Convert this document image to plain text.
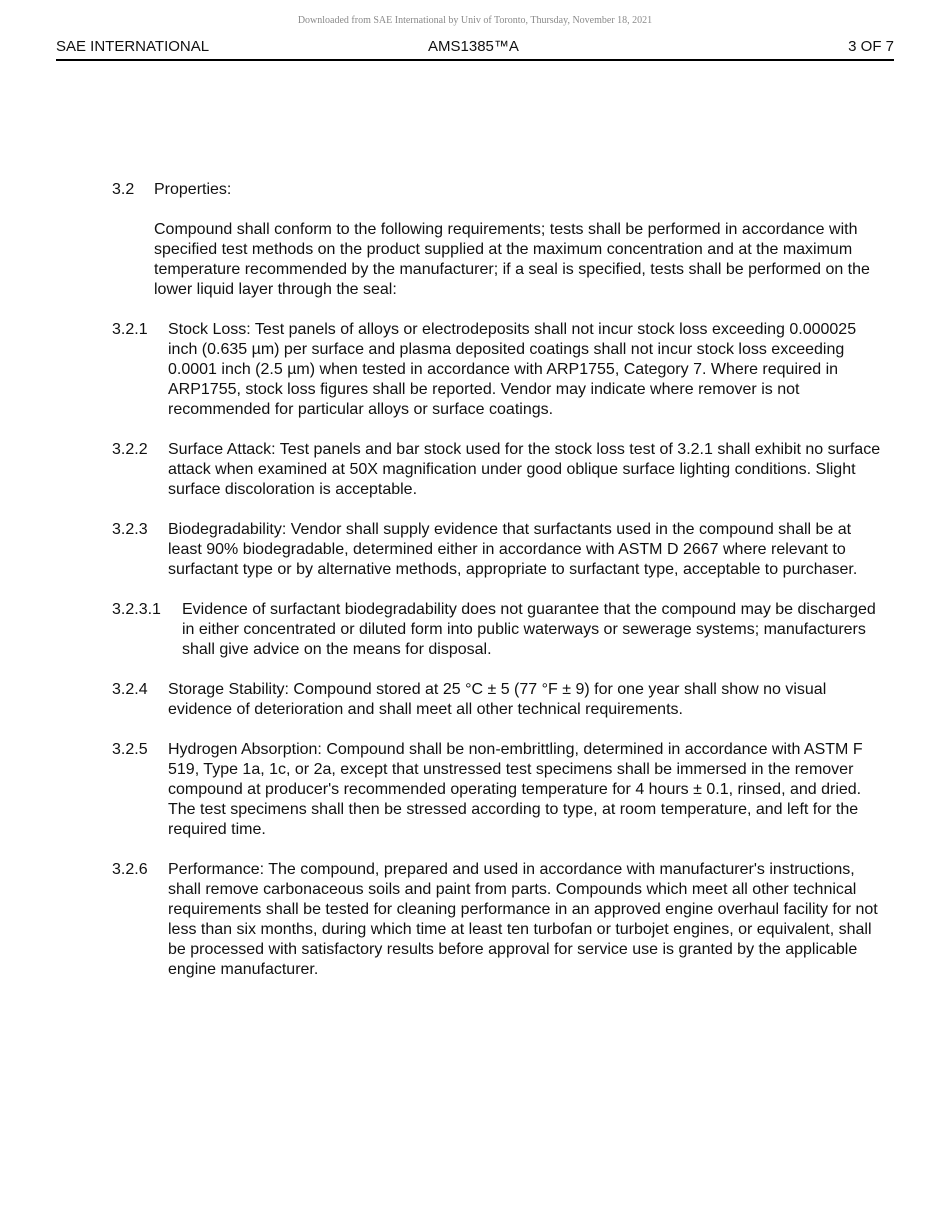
Downloaded from SAE International by Univ of Toronto, Thursday, November 18, 2021
SAE INTERNATIONAL	AMS1385™A	3 OF 7
3.2 Properties:

Compound shall conform to the following requirements; tests shall be performed in accordance with specified test methods on the product supplied at the maximum concentration and at the maximum temperature recommended by the manufacturer; if a seal is specified, tests shall be performed on the lower liquid layer through the seal:

3.2.1 Stock Loss: Test panels of alloys or electrodeposits shall not incur stock loss exceeding 0.000025 inch (0.635 µm) per surface and plasma deposited coatings shall not incur stock loss exceeding 0.0001 inch (2.5 µm) when tested in accordance with ARP1755, Category 7. Where required in ARP1755, stock loss figures shall be reported. Vendor may indicate where remover is not recommended for particular alloys or surface coatings.

3.2.2 Surface Attack: Test panels and bar stock used for the stock loss test of 3.2.1 shall exhibit no surface attack when examined at 50X magnification under good oblique surface lighting conditions. Slight surface discoloration is acceptable.

3.2.3 Biodegradability: Vendor shall supply evidence that surfactants used in the compound shall be at least 90% biodegradable, determined either in accordance with ASTM D 2667 where relevant to surfactant type or by alternative methods, appropriate to surfactant type, acceptable to purchaser.

3.2.3.1 Evidence of surfactant biodegradability does not guarantee that the compound may be discharged in either concentrated or diluted form into public waterways or sewerage systems; manufacturers shall give advice on the means for disposal.

3.2.4 Storage Stability: Compound stored at 25 °C ± 5 (77 °F ± 9) for one year shall show no visual evidence of deterioration and shall meet all other technical requirements.

3.2.5 Hydrogen Absorption: Compound shall be non-embrittling, determined in accordance with ASTM F 519, Type 1a, 1c, or 2a, except that unstressed test specimens shall be immersed in the remover compound at producer's recommended operating temperature for 4 hours ± 0.1, rinsed, and dried. The test specimens shall then be stressed according to type, at room temperature, and left for the required time.

3.2.6 Performance: The compound, prepared and used in accordance with manufacturer's instructions, shall remove carbonaceous soils and paint from parts. Compounds which meet all other technical requirements shall be tested for cleaning performance in an approved engine overhaul facility for not less than six months, during which time at least ten turbofan or turbojet engines, or equivalent, shall be processed with satisfactory results before approval for service use is granted by the applicable engine manufacturer.
